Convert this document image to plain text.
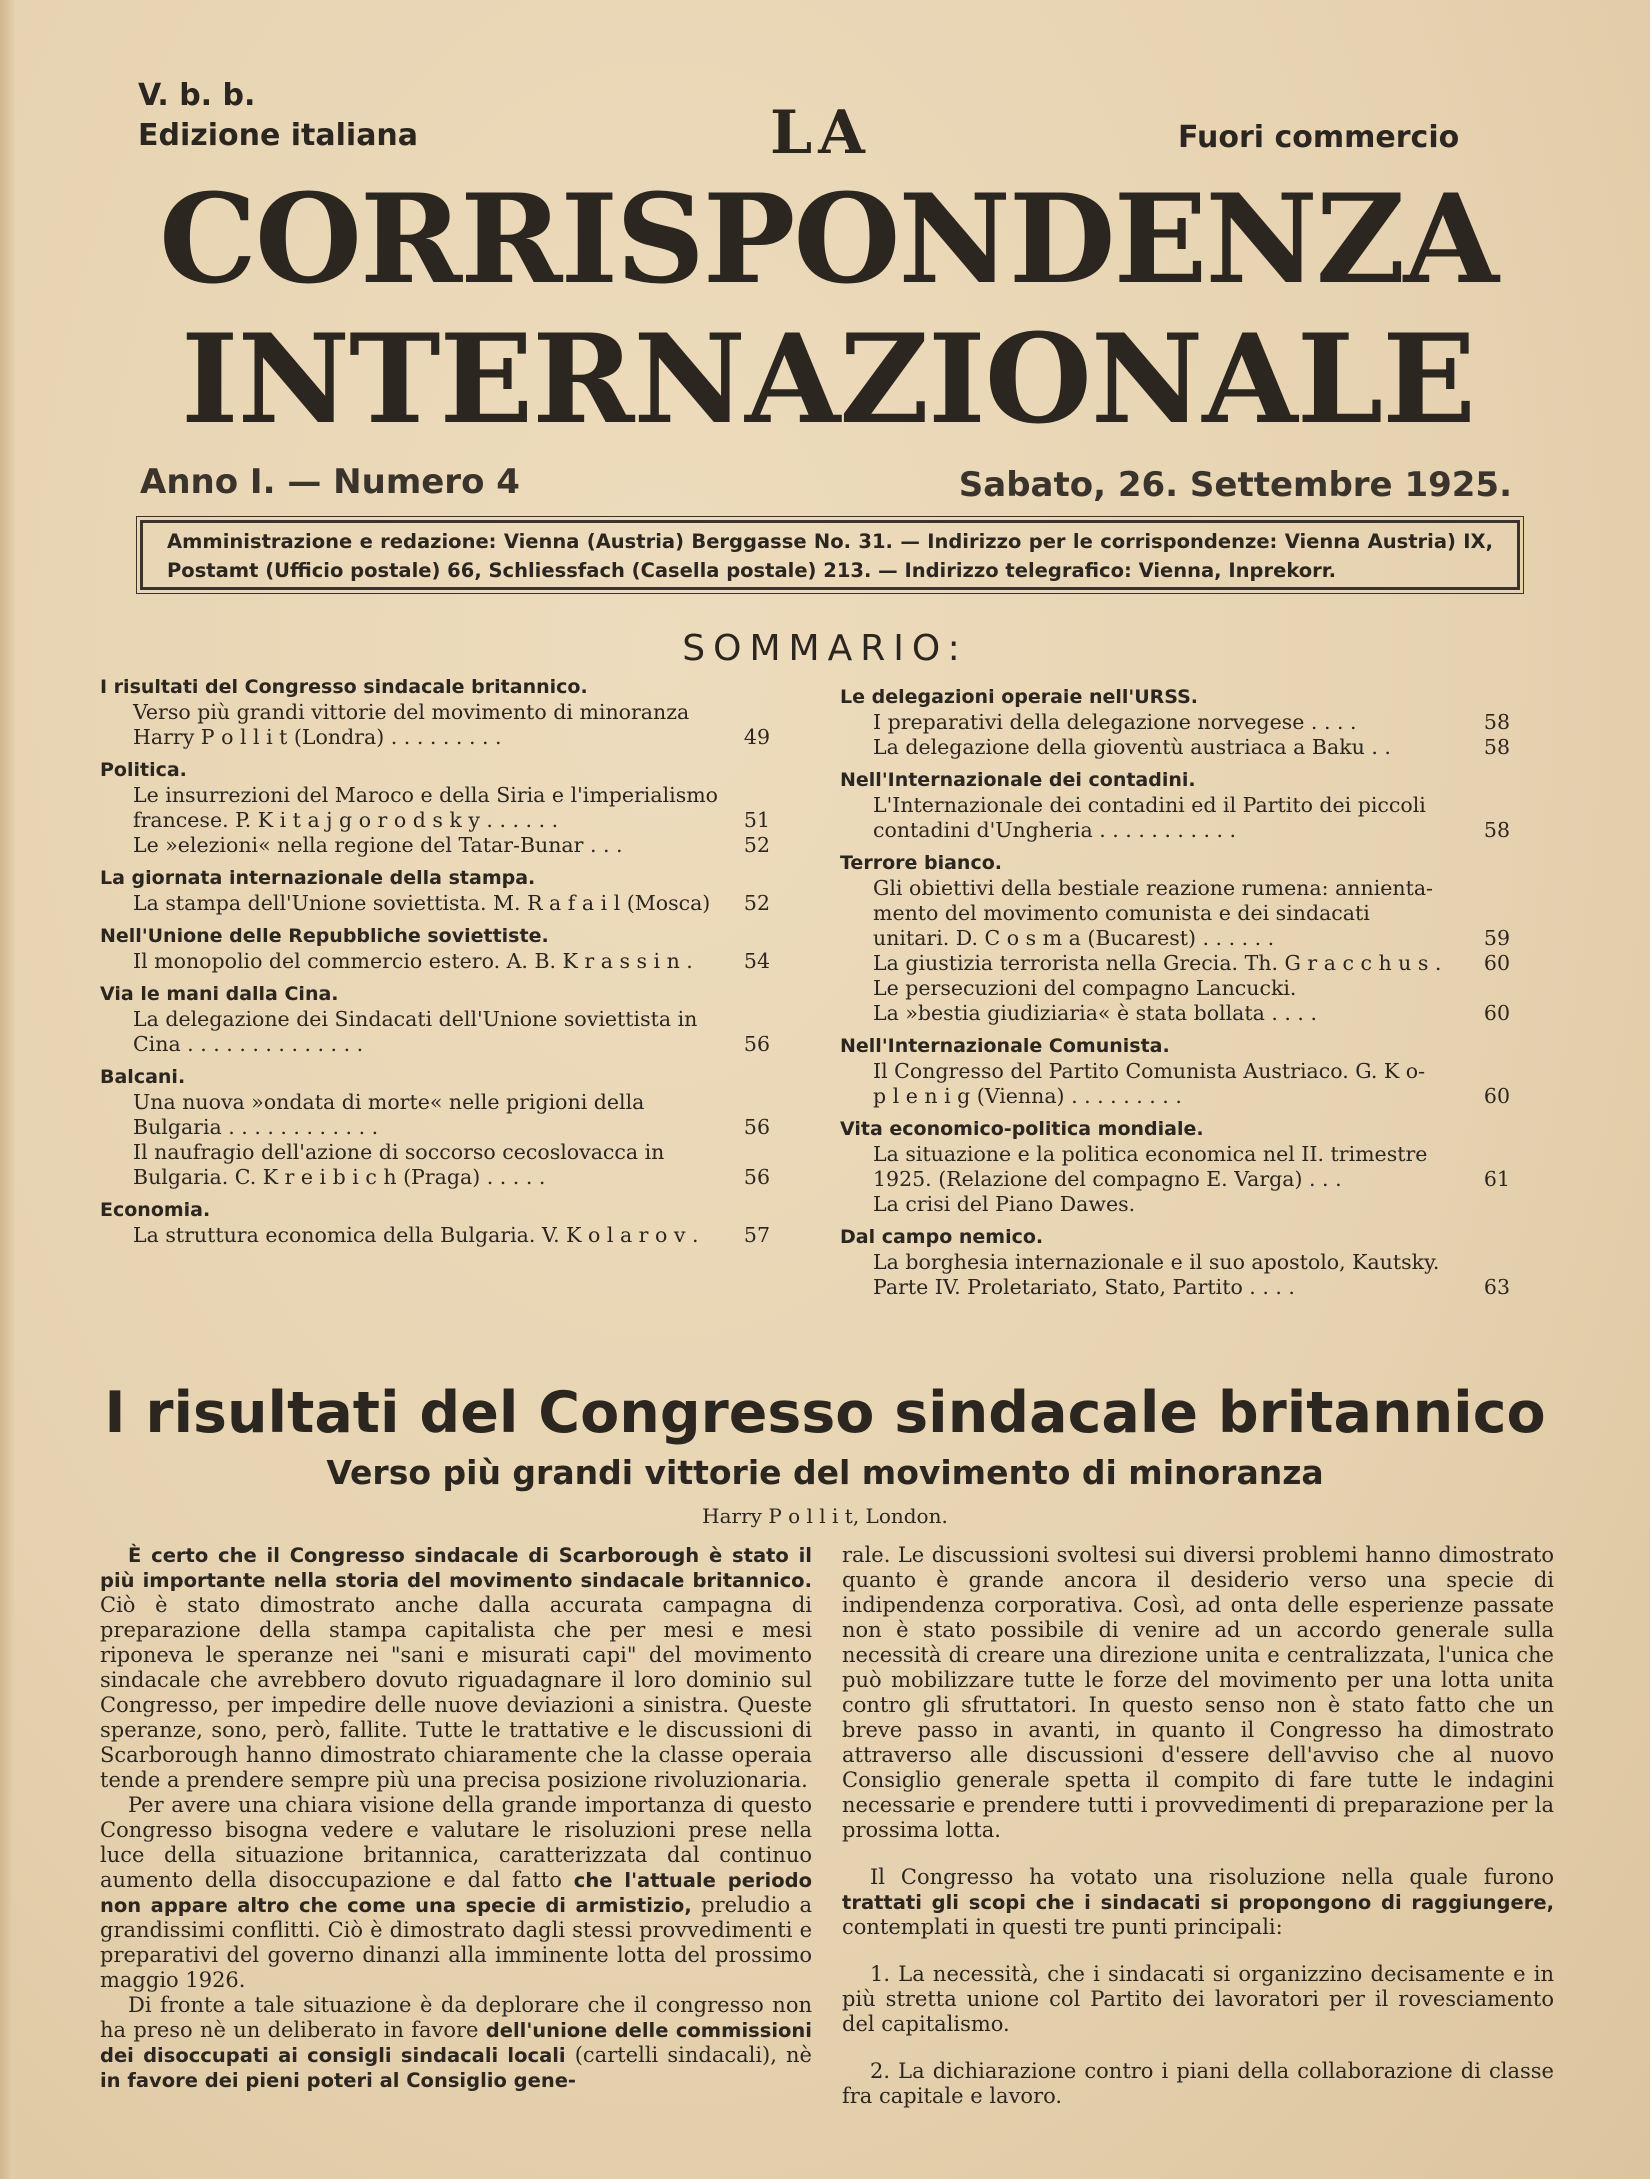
V. b. b.
Edizione italiana	LA	Fuori commercio
CORRISPONDENZA
INTERNAZIONALE
Anno I. — Numero 4	Sabato, 26. Settembre 1925.
Amministrazione e redazione: Vienna (Austria) Berggasse No. 31. — Indirizzo per le corrispondenze: Vienna Austria) IX, Postamt (Ufficio postale) 66, Schliessfach (Casella postale) 213. — Indirizzo telegrafico: Vienna, Inprekorr.
SOMMARIO:
I risultati del Congresso sindacale britannico.
Verso più grandi vittorie del movimento di minoranza
Harry P o l l i t (Londra) . . . . . . . . .	49
Politica.
Le insurrezioni del Maroco e della Siria e l'imperialismo
francese. P. K i t a j g o r o d s k y . . . . . .	51
Le »elezioni« nella regione del Tatar-Bunar . . .	52
La giornata internazionale della stampa.
La stampa dell'Unione soviettista. M. R a f a i l (Mosca)	52
Nell'Unione delle Repubbliche soviettiste.
Il monopolio del commercio estero. A. B. K r a s s i n .	54
Via le mani dalla Cina.
La delegazione dei Sindacati dell'Unione soviettista in
Cina . . . . . . . . . . . . . .	56
Balcani.
Una nuova »ondata di morte« nelle prigioni della
Bulgaria . . . . . . . . . . . .	56
Il naufragio dell'azione di soccorso cecoslovacca in
Bulgaria. C. K r e i b i c h (Praga) . . . . .	56
Economia.
La struttura economica della Bulgaria. V. K o l a r o v .	57
Le delegazioni operaie nell'URSS.
I preparativi della delegazione norvegese . . . .	58
La delegazione della gioventù austriaca a Baku . .	58
Nell'Internazionale dei contadini.
L'Internazionale dei contadini ed il Partito dei piccoli
contadini d'Ungheria . . . . . . . . . . .	58
Terrore bianco.
Gli obiettivi della bestiale reazione rumena: annienta-
mento del movimento comunista e dei sindacati
unitari. D. C o s m a (Bucarest) . . . . . .	59
La giustizia terrorista nella Grecia. Th. G r a c c h u s .	60
Le persecuzioni del compagno Lancucki.
La »bestia giudiziaria« è stata bollata . . . .	60
Nell'Internazionale Comunista.
Il Congresso del Partito Comunista Austriaco. G. K o-
p l e n i g (Vienna) . . . . . . . . .	60
Vita economico-politica mondiale.
La situazione e la politica economica nel II. trimestre
1925. (Relazione del compagno E. Varga) . . .	61
La crisi del Piano Dawes.
Dal campo nemico.
La borghesia internazionale e il suo apostolo, Kautsky.
Parte IV. Proletariato, Stato, Partito . . . .	63
I risultati del Congresso sindacale britannico
Verso più grandi vittorie del movimento di minoranza
Harry P o l l i t, London.

È certo che il Congresso sindacale di Scarborough è stato il più importante nella storia del movimento sindacale britannico. Ciò è stato dimostrato anche dalla accurata campagna di preparazione della stampa capitalista che per mesi e mesi riponeva le speranze nei "sani e misurati capi" del movimento sindacale che avrebbero dovuto riguadagnare il loro dominio sul Congresso, per impedire delle nuove deviazioni a sinistra. Queste speranze, sono, però, fallite. Tutte le trattative e le discussioni di Scarborough hanno dimostrato chiaramente che la classe operaia tende a prendere sempre più una precisa posizione rivoluzionaria.

Per avere una chiara visione della grande importanza di questo Congresso bisogna vedere e valutare le risoluzioni prese nella luce della situazione britannica, caratterizzata dal continuo aumento della disoccupazione e dal fatto che l'attuale periodo non appare altro che come una specie di armistizio, preludio a grandissimi conflitti. Ciò è dimostrato dagli stessi provvedimenti e preparativi del governo dinanzi alla imminente lotta del prossimo maggio 1926.

Di fronte a tale situazione è da deplorare che il congresso non ha preso nè un deliberato in favore dell'unione delle commissioni dei disoccupati ai consigli sindacali locali (cartelli sindacali), nè in favore dei pieni poteri al Consiglio gene-

rale. Le discussioni svoltesi sui diversi problemi hanno dimostrato quanto è grande ancora il desiderio verso una specie di indipendenza corporativa. Così, ad onta delle esperienze passate non è stato possibile di venire ad un accordo generale sulla necessità di creare una direzione unita e centralizzata, l'unica che può mobilizzare tutte le forze del movimento per una lotta unita contro gli sfruttatori. In questo senso non è stato fatto che un breve passo in avanti, in quanto il Congresso ha dimostrato attraverso alle discussioni d'essere dell'avviso che al nuovo Consiglio generale spetta il compito di fare tutte le indagini necessarie e prendere tutti i provvedimenti di preparazione per la prossima lotta.

Il Congresso ha votato una risoluzione nella quale furono trattati gli scopi che i sindacati si propongono di raggiungere, contemplati in questi tre punti principali:

1. La necessità, che i sindacati si organizzino decisamente e in più stretta unione col Partito dei lavoratori per il rovesciamento del capitalismo.

2. La dichiarazione contro i piani della collaborazione di classe fra capitale e lavoro.
